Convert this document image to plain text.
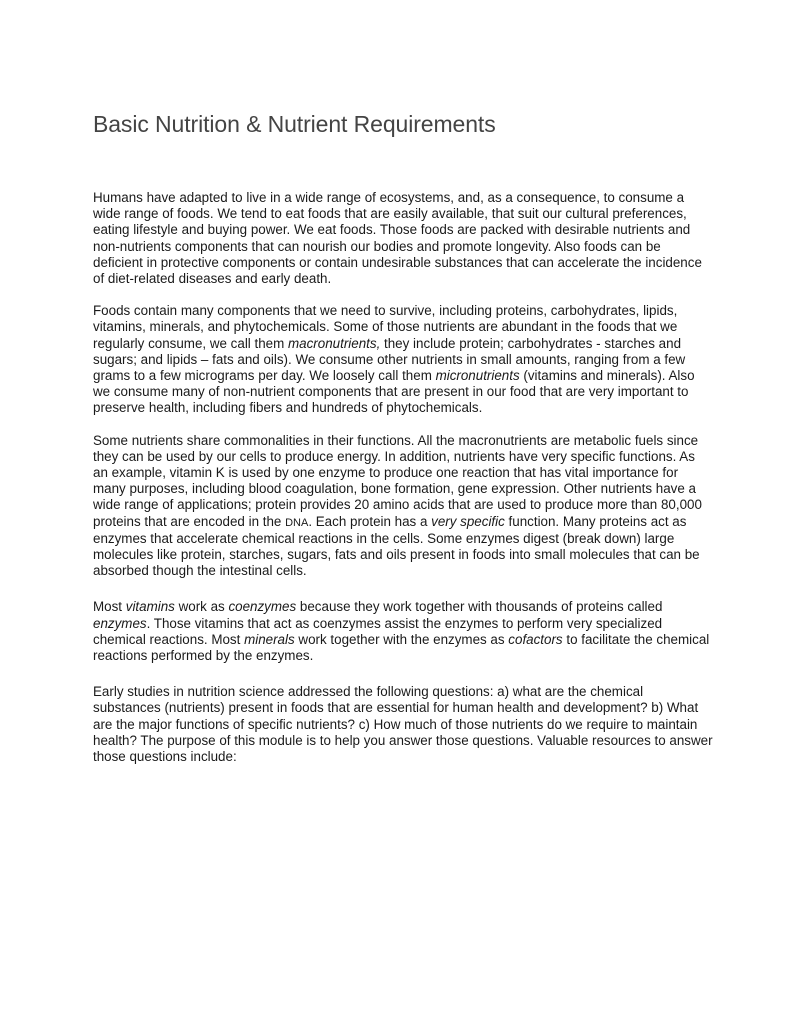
Basic Nutrition & Nutrient Requirements

Humans have adapted to live in a wide range of ecosystems, and, as a consequence, to consume a wide range of foods. We tend to eat foods that are easily available, that suit our cultural preferences, eating lifestyle and buying power. We eat foods. Those foods are packed with desirable nutrients and non-nutrients components that can nourish our bodies and promote longevity. Also foods can be deficient in protective components or contain undesirable substances that can accelerate the incidence of diet-related diseases and early death.

Foods contain many components that we need to survive, including proteins, carbohydrates, lipids, vitamins, minerals, and phytochemicals. Some of those nutrients are abundant in the foods that we regularly consume, we call them macronutrients, they include protein; carbohydrates - starches and sugars; and lipids – fats and oils). We consume other nutrients in small amounts, ranging from a few grams to a few micrograms per day. We loosely call them micronutrients (vitamins and minerals). Also we consume many of non-nutrient components that are present in our food that are very important to preserve health, including fibers and hundreds of phytochemicals.

Some nutrients share commonalities in their functions. All the macronutrients are metabolic fuels since they can be used by our cells to produce energy. In addition, nutrients have very specific functions. As an example, vitamin K is used by one enzyme to produce one reaction that has vital importance for many purposes, including blood coagulation, bone formation, gene expression. Other nutrients have a wide range of applications; protein provides 20 amino acids that are used to produce more than 80,000 proteins that are encoded in the DNA. Each protein has a very specific function. Many proteins act as enzymes that accelerate chemical reactions in the cells. Some enzymes digest (break down) large molecules like protein, starches, sugars, fats and oils present in foods into small molecules that can be absorbed though the intestinal cells.

Most vitamins work as coenzymes because they work together with thousands of proteins called enzymes. Those vitamins that act as coenzymes assist the enzymes to perform very specialized chemical reactions. Most minerals work together with the enzymes as cofactors to facilitate the chemical reactions performed by the enzymes.

Early studies in nutrition science addressed the following questions: a) what are the chemical substances (nutrients) present in foods that are essential for human health and development? b) What are the major functions of specific nutrients? c) How much of those nutrients do we require to maintain health? The purpose of this module is to help you answer those questions. Valuable resources to answer those questions include:
